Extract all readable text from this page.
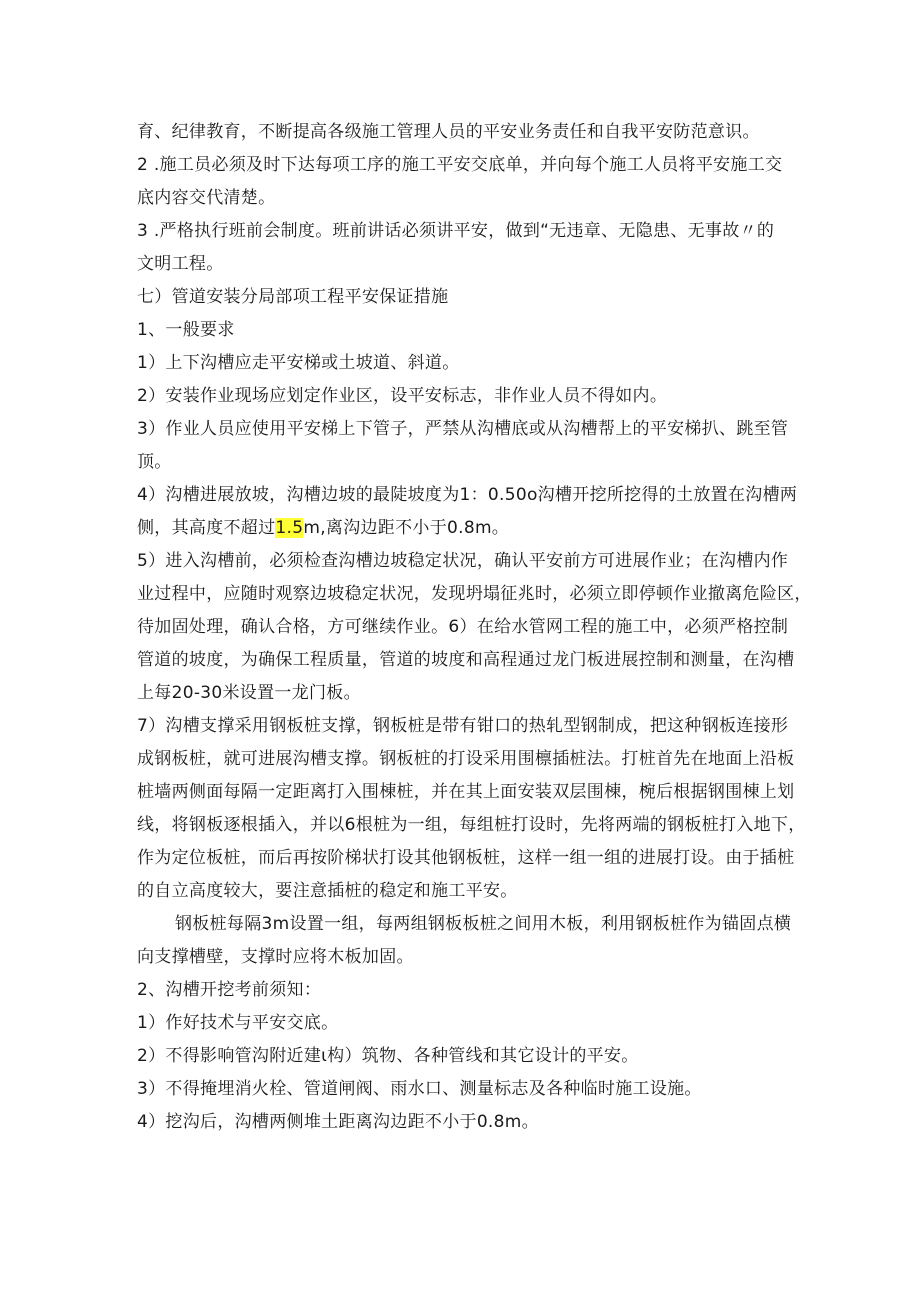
育、纪律教育，不断提高各级施工管理人员的平安业务责任和自我平安防范意识。
2 .施工员必须及时下达每项工序的施工平安交底单，并向每个施工人员将平安施工交
底内容交代清楚。
3 .严格执行班前会制度。班前讲话必须讲平安，做到“无违章、无隐患、无事故〃的
文明工程。
七）管道安装分局部项工程平安保证措施
1、一般要求
1）上下沟槽应走平安梯或土坡道、斜道。
2）安装作业现场应划定作业区，设平安标志，非作业人员不得如内。
3）作业人员应使用平安梯上下管子，严禁从沟槽底或从沟槽帮上的平安梯扒、跳至管
顶。
4）沟槽进展放坡，沟槽边坡的最陡坡度为1：0.50o沟槽开挖所挖得的土放置在沟槽两
侧，其高度不超过1.5m,离沟边距不小于0.8m。
5）进入沟槽前，必须检查沟槽边坡稳定状况，确认平安前方可进展作业；在沟槽内作
业过程中，应随时观察边坡稳定状况，发现坍塌征兆时，必须立即停顿作业撤离危险区，
待加固处理，确认合格，方可继续作业。6）在给水管网工程的施工中，必须严格控制
管道的坡度，为确保工程质量，管道的坡度和高程通过龙门板进展控制和测量，在沟槽
上每20-30米设置一龙门板。
7）沟槽支撑采用钢板桩支撑，钢板桩是带有钳口的热轧型钢制成，把这种钢板连接形
成钢板桩，就可进展沟槽支撑。钢板桩的打设采用围檩插桩法。打桩首先在地面上沿板
桩墙两侧面每隔一定距离打入围棟桩，并在其上面安装双层围棟，椀后根据钢围棟上划
线，将钢板逐根插入，并以6根桩为一组，每组桩打设时，先将两端的钢板桩打入地下，
作为定位板桩，而后再按阶梯状打设其他钢板桩，这样一组一组的进展打设。由于插桩
的自立高度较大，要注意插桩的稳定和施工平安。
钢板桩每隔3m设置一组，每两组钢板板桩之间用木板，利用钢板桩作为锚固点横
向支撑槽壁，支撑时应将木板加固。
2、沟槽开挖考前须知：
1）作好技术与平安交底。
2）不得影响管沟附近建ι构）筑物、各种管线和其它设计的平安。
3）不得掩埋消火栓、管道闸阀、雨水口、测量标志及各种临时施工设施。
4）挖沟后，沟槽两侧堆土距离沟边距不小于0.8m。
